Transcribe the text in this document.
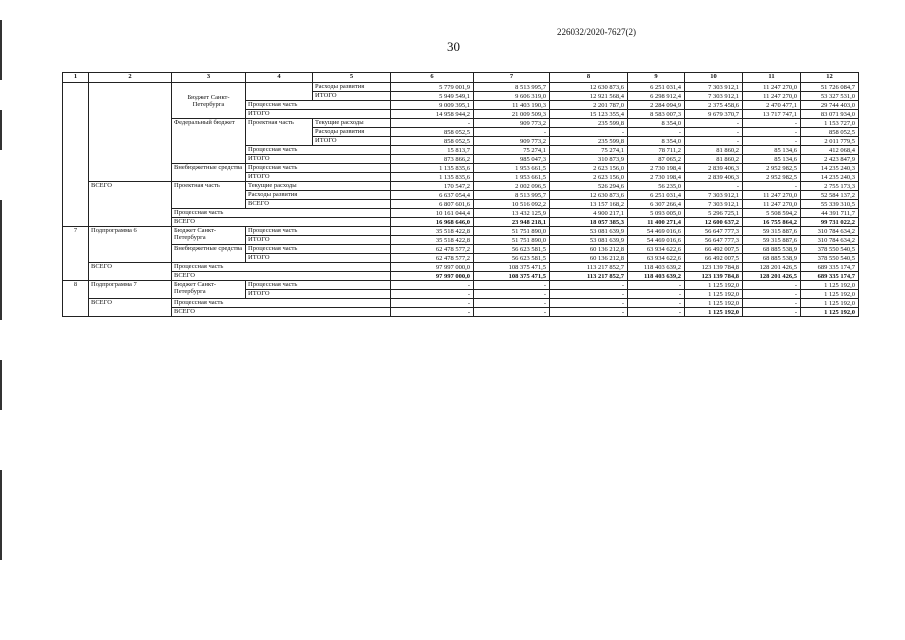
226032/2020-7627(2)
30
1	2	3	4	5	6	7	8	9	10	11	12
		Бюджет Санкт-Петербурга		Расходы развития	5 779 001,9	8 513 995,7	12 630 873,6	6 251 031,4	7 303 912,1	11 247 270,0	51 726 084,7
				ИТОГО	5 949 549,1	9 606 319,0	12 921 568,4	6 298 912,4	7 303 912,1	11 247 270,0	53 327 531,0
			Процессная часть		9 009 395,1	11 403 190,3	2 201 787,0	2 284 094,9	2 375 458,6	2 470 477,1	29 744 403,0
			ИТОГО		14 958 944,2	21 009 509,3	15 123 355,4	8 583 007,3	9 679 370,7	13 717 747,1	83 071 934,0
		Федеральный бюджет	Проектная часть	Текущие расходы	-	909 773,2	235 599,8	8 354,0	-	-	1 153 727,0
				Расходы развития	858 052,5	-	-	-	-	-	858 052,5
				ИТОГО	858 052,5	909 773,2	235 599,8	8 354,0	-	-	2 011 779,5
			Процессная часть		15 813,7	75 274,1	75 274,1	78 711,2	81 860,2	85 134,6	412 068,4
			ИТОГО		873 866,2	985 047,3	310 873,9	87 065,2	81 860,2	85 134,6	2 423 847,9
		Внебюджетные средства	Процессная часть		1 135 835,6	1 953 661,5	2 623 156,0	2 730 198,4	2 839 406,3	2 952 982,5	14 235 240,3
			ИТОГО		1 135 835,6	1 953 661,5	2 623 156,0	2 730 198,4	2 839 406,3	2 952 982,5	14 235 240,3
	ВСЕГО	Проектная часть	Текущие расходы		170 547,2	2 002 096,5	526 294,6	56 235,0	-	-	2 755 173,3
			Расходы развития		6 637 054,4	8 513 995,7	12 630 873,6	6 251 031,4	7 303 912,1	11 247 270,0	52 584 137,2
			ВСЕГО		6 807 601,6	10 516 092,2	13 157 168,2	6 307 266,4	7 303 912,1	11 247 270,0	55 339 310,5
		Процессная часть			10 161 044,4	13 432 125,9	4 900 217,1	5 093 005,0	5 296 725,1	5 508 594,2	44 391 711,7
		ВСЕГО			16 968 646,0	23 948 218,1	18 057 385,3	11 400 271,4	12 600 637,2	16 755 864,2	99 731 022,2
7	Подпрограмма 6	Бюджет Санкт-Петербурга	Процессная часть		35 518 422,8	51 751 890,0	53 081 639,9	54 469 016,6	56 647 777,3	59 315 887,6	310 784 634,2
			ИТОГО		35 518 422,8	51 751 890,0	53 081 639,9	54 469 016,6	56 647 777,3	59 315 887,6	310 784 634,2
		Внебюджетные средства	Процессная часть		62 478 577,2	56 623 581,5	60 136 212,8	63 934 622,6	66 492 007,5	68 885 538,9	378 550 540,5
			ИТОГО		62 478 577,2	56 623 581,5	60 136 212,8	63 934 622,6	66 492 007,5	68 885 538,9	378 550 540,5
	ВСЕГО	Процессная часть			97 997 000,0	108 375 471,5	113 217 852,7	118 403 639,2	123 139 784,8	128 201 426,5	689 335 174,7
		ВСЕГО			97 997 000,0	108 375 471,5	113 217 852,7	118 403 639,2	123 139 784,8	128 201 426,5	689 335 174,7
8	Подпрограмма 7	Бюджет Санкт-Петербурга	Процессная часть		-	-	-	-	1 125 192,0	-	1 125 192,0
			ИТОГО		-	-	-	-	1 125 192,0	-	1 125 192,0
	ВСЕГО	Процессная часть			-	-	-	-	1 125 192,0	-	1 125 192,0
		ВСЕГО			-	-	-	-	1 125 192,0	-	1 125 192,0
